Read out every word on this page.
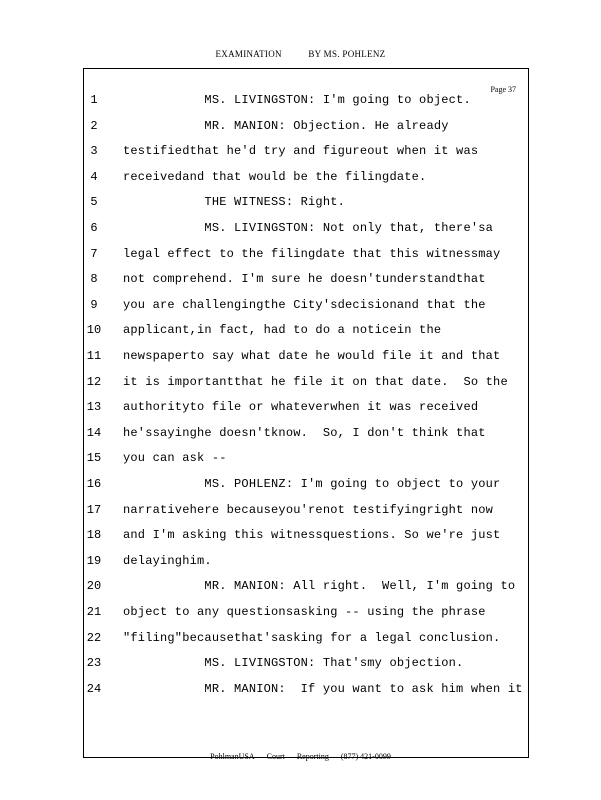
EXAMINATION	BY MS. POHLENZ
Page 37
1	MS. LIVINGSTON: I'm going to object.
2	MR. MANION: Objection. He already
3	testifiedthat he'd try and figureout when it was
4	receivedand that would be the filingdate.
5	THE WITNESS: Right.
6	MS. LIVINGSTON: Not only that, there'sa
7	legal effect to the filingdate that this witnessmay
8	not comprehend. I'm sure he doesn'tunderstandthat
9	you are challengingthe City'sdecisionand that the
10	applicant,in fact, had to do a noticein the
11	newspaperto say what date he would file it and that
12	it is importantthat he file it on that date.  So the
13	authorityto file or whateverwhen it was received
14	he'ssayinghe doesn'tknow.  So, I don't think that
15	you can ask --
16	MS. POHLENZ: I'm going to object to your
17	narrativehere becauseyou'renot testifyingright now
18	and I'm asking this witnessquestions. So we're just
19	delayinghim.
20	MR. MANION: All right.  Well, I'm going to
21	object to any questionsasking -- using the phrase
22	"filing"becausethat'sasking for a legal conclusion.
23	MS. LIVINGSTON: That'smy objection.
24	MR. MANION:  If you want to ask him when it
PohlmanUSA Court Reporting (877) 421-0099
